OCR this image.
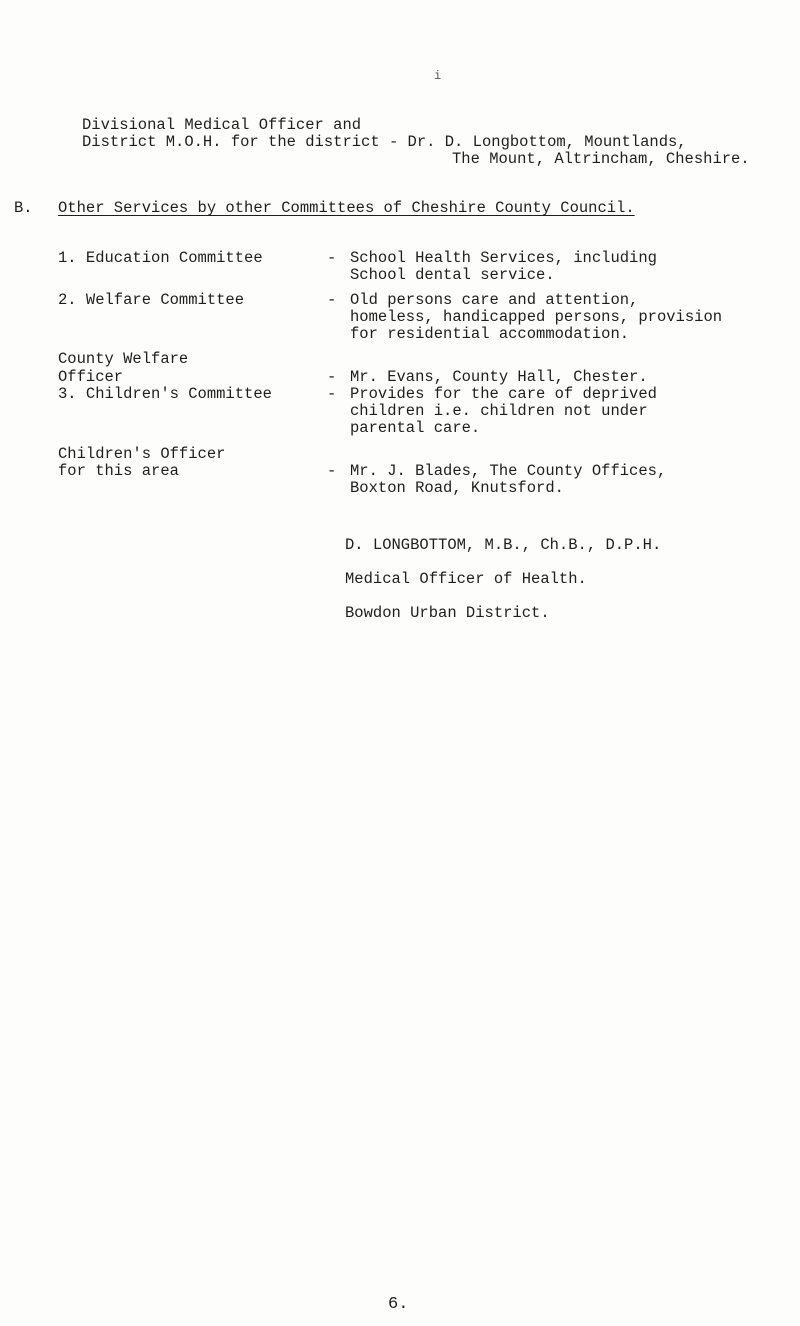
i
Divisional Medical Officer and
District M.O.H. for the district - Dr. D. Longbottom, Mountlands,
The Mount, Altrincham, Cheshire.
B. Other Services by other Committees of Cheshire County Council.
1. Education Committee	- School Health Services, including
School dental service.
2. Welfare Committee	- Old persons care and attention,
homeless, handicapped persons, provision
for residential accommodation.
County Welfare
Officer	- Mr. Evans, County Hall, Chester.
3. Children's Committee	- Provides for the care of deprived
children i.e. children not under
parental care.
Children's Officer
for this area	- Mr. J. Blades, The County Offices,
Boxton Road, Knutsford.
D. LONGBOTTOM, M.B., Ch.B., D.P.H.
Medical Officer of Health.
Bowdon Urban District.
6.
